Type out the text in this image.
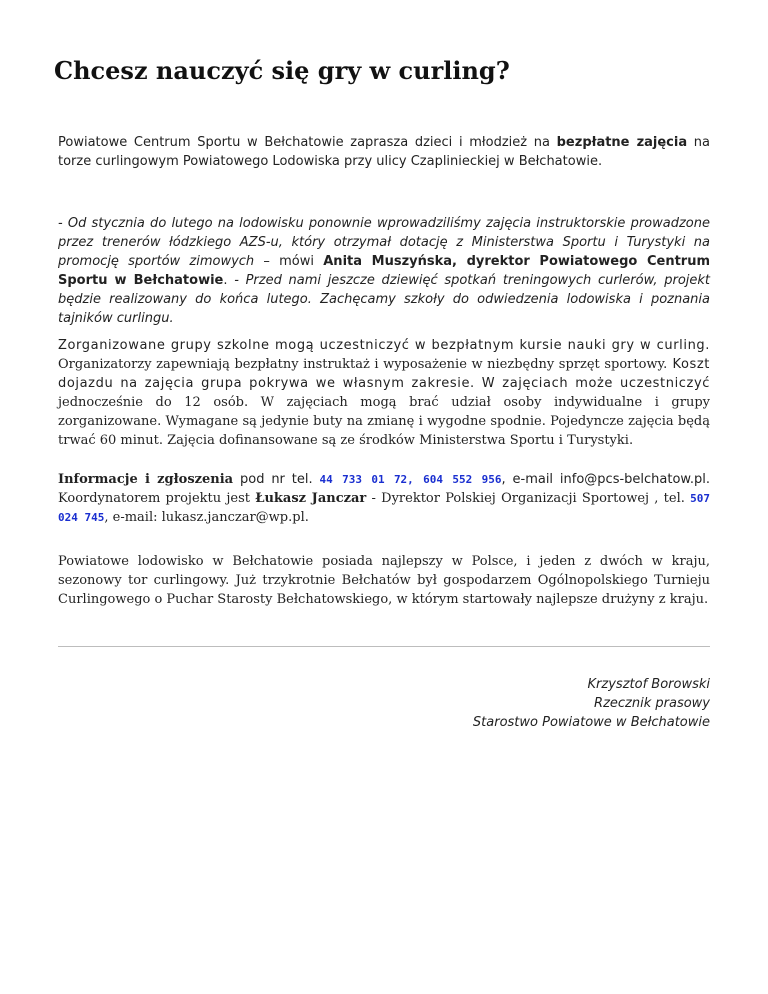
Chcesz nauczyć się gry w curling?

Powiatowe Centrum Sportu w Bełchatowie zaprasza dzieci i młodzież na bezpłatne zajęcia na torze curlingowym Powiatowego Lodowiska przy ulicy Czaplinieckiej w Bełchatowie.

- Od stycznia do lutego na lodowisku ponownie wprowadziliśmy zajęcia instruktorskie prowadzone przez trenerów łódzkiego AZS-u, który otrzymał dotację z Ministerstwa Sportu i Turystyki na promocję sportów zimowych – mówi Anita Muszyńska, dyrektor Powiatowego Centrum Sportu w Bełchatowie. - Przed nami jeszcze dziewięć spotkań treningowych curlerów, projekt będzie realizowany do końca lutego. Zachęcamy szkoły do odwiedzenia lodowiska i poznania tajników curlingu.

Zorganizowane grupy szkolne mogą uczestniczyć w bezpłatnym kursie nauki gry w curling. Organizatorzy zapewniają bezpłatny instruktaż i wyposażenie w niezbędny sprzęt sportowy. Koszt dojazdu na zajęcia grupa pokrywa we własnym zakresie. W zajęciach może uczestniczyć jednocześnie do 12 osób. W zajęciach mogą brać udział osoby indywidualne i grupy zorganizowane. Wymagane są jedynie buty na zmianę i wygodne spodnie. Pojedyncze zajęcia będą trwać 60 minut. Zajęcia dofinansowane są ze środków Ministerstwa Sportu i Turystyki.

Informacje i zgłoszenia pod nr tel. 44 733 01 72, 604 552 956, e-mail info@pcs-belchatow.pl. Koordynatorem projektu jest Łukasz Janczar - Dyrektor Polskiej Organizacji Sportowej , tel. 507 024 745, e-mail: lukasz.janczar@wp.pl.

Powiatowe lodowisko w Bełchatowie posiada najlepszy w Polsce, i jeden z dwóch w kraju, sezonowy tor curlingowy. Już trzykrotnie Bełchatów był gospodarzem Ogólnopolskiego Turnieju Curlingowego o Puchar Starosty Bełchatowskiego, w którym startowały najlepsze drużyny z kraju.

Krzysztof Borowski
Rzecznik prasowy
Starostwo Powiatowe w Bełchatowie
